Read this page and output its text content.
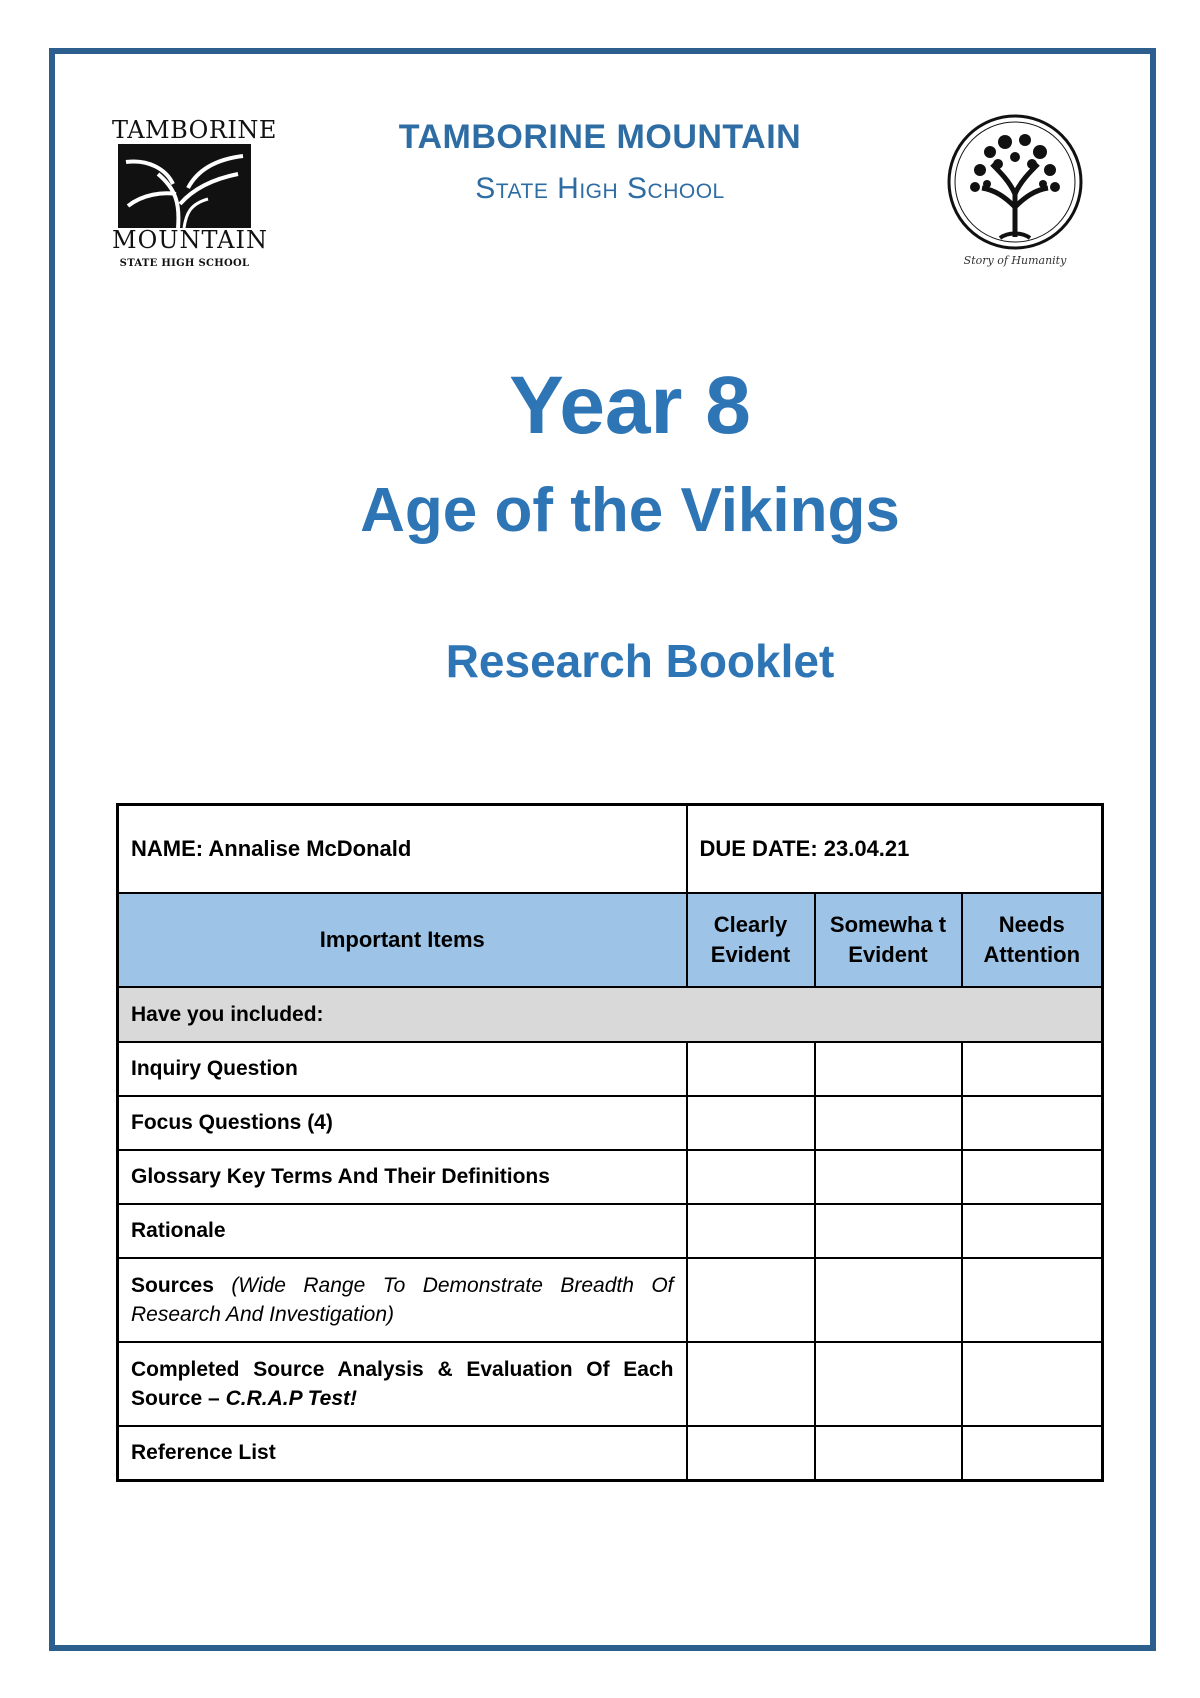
TAMBORINE
MOUNTAIN
STATE HIGH SCHOOL
TAMBORINE MOUNTAIN
State High School
Story of Humanity
Year 8
Age of the Vikings
Research Booklet
NAME: Annalise McDonald	DUE DATE: 23.04.21		
Important Items	Clearly Evident	Somewha t Evident	Needs Attention
Have you included:			
Inquiry Question			
Focus Questions (4)			
Glossary Key Terms And Their Definitions			
Rationale			
Sources (Wide Range To Demonstrate Breadth Of Research And Investigation)			
Completed Source Analysis & Evaluation Of Each Source – C.R.A.P Test!			
Reference List			
